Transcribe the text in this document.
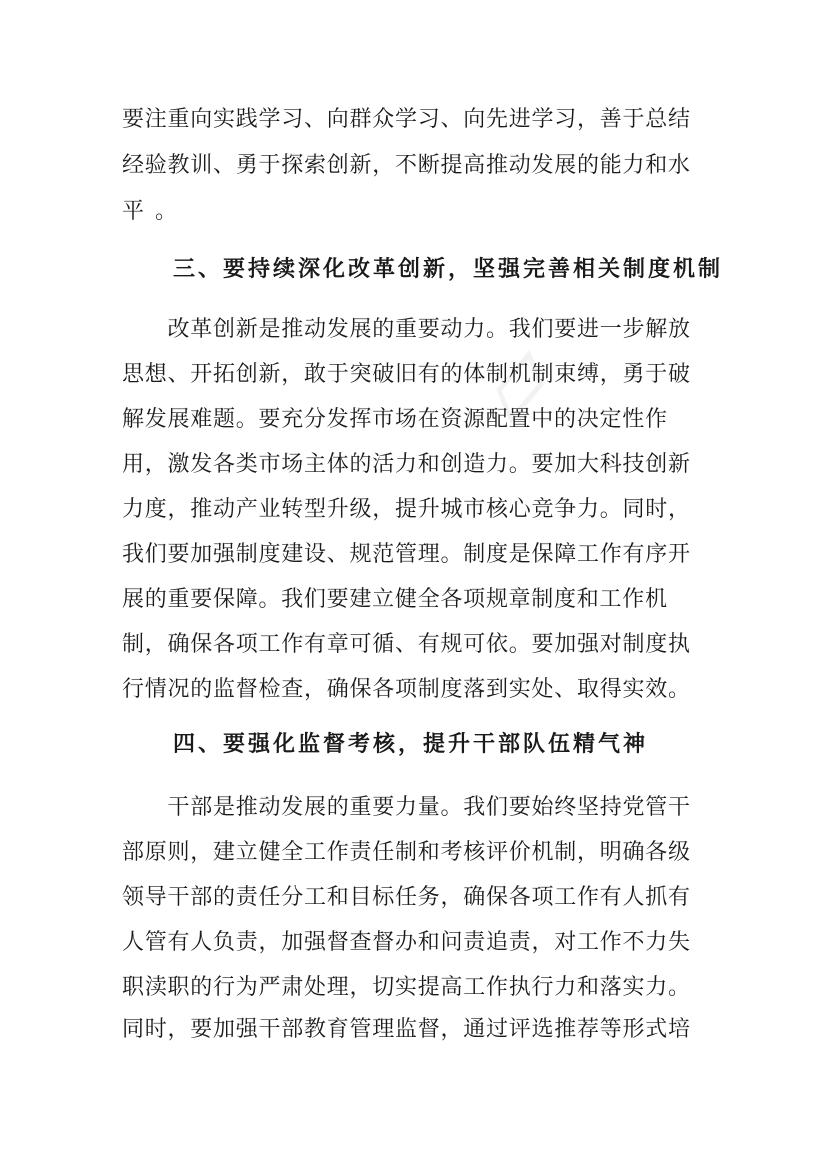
▱
要注重向实践学习、向群众学习、向先进学习，善于总结
经验教训、勇于探索创新，不断提高推动发展的能力和水
平。
三、要持续深化改革创新，坚强完善相关制度机制
　　改革创新是推动发展的重要动力。我们要进一步解放
思想、开拓创新，敢于突破旧有的体制机制束缚，勇于破
解发展难题。要充分发挥市场在资源配置中的决定性作
用，激发各类市场主体的活力和创造力。要加大科技创新
力度，推动产业转型升级，提升城市核心竞争力。同时，
我们要加强制度建设、规范管理。制度是保障工作有序开
展的重要保障。我们要建立健全各项规章制度和工作机
制，确保各项工作有章可循、有规可依。要加强对制度执
行情况的监督检查，确保各项制度落到实处、取得实效。
四、要强化监督考核，提升干部队伍精气神
　　干部是推动发展的重要力量。我们要始终坚持党管干
部原则，建立健全工作责任制和考核评价机制，明确各级
领导干部的责任分工和目标任务，确保各项工作有人抓有
人管有人负责，加强督查督办和问责追责，对工作不力失
职渎职的行为严肃处理，切实提高工作执行力和落实力。
同时，要加强干部教育管理监督，通过评选推荐等形式培
